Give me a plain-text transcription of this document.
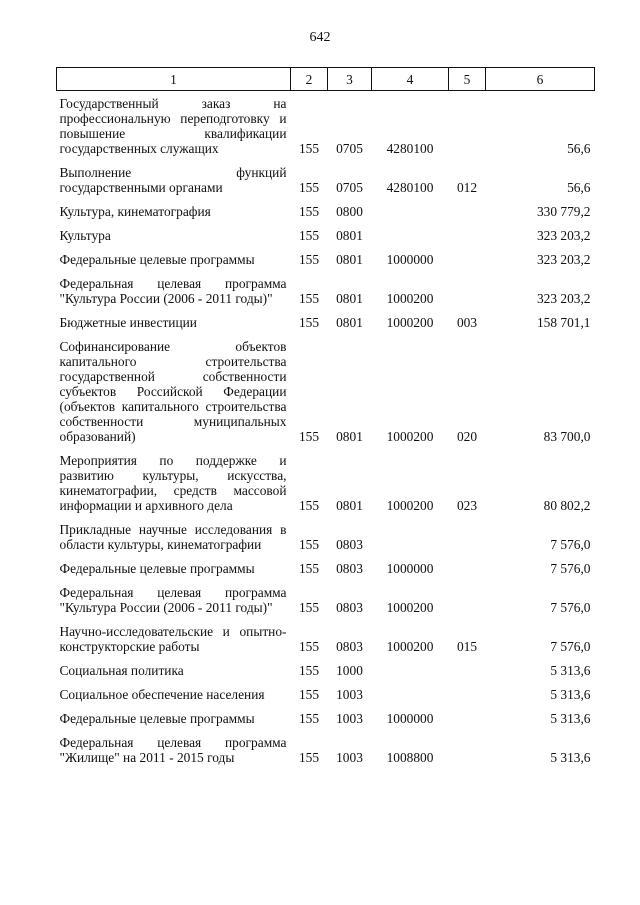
642
1	2	3	4	5	6
Государственный заказ на профессиональную переподготовку и повышение квалификации государственных служащих	155	0705	4280100		56,6
Выполнение функций государственными органами	155	0705	4280100	012	56,6
Культура, кинематография	155	0800			330 779,2
Культура	155	0801			323 203,2
Федеральные целевые программы	155	0801	1000000		323 203,2
Федеральная целевая программа "Культура России (2006 - 2011 годы)"	155	0801	1000200		323 203,2
Бюджетные инвестиции	155	0801	1000200	003	158 701,1
Софинансирование объектов капитального строительства государственной собственности субъектов Российской Федерации (объектов капитального строительства собственности муниципальных образований)	155	0801	1000200	020	83 700,0
Мероприятия по поддержке и развитию культуры, искусства, кинематографии, средств массовой информации и архивного дела	155	0801	1000200	023	80 802,2
Прикладные научные исследования в области культуры, кинематографии	155	0803			7 576,0
Федеральные целевые программы	155	0803	1000000		7 576,0
Федеральная целевая программа "Культура России (2006 - 2011 годы)"	155	0803	1000200		7 576,0
Научно-исследовательские и опытно-конструкторские работы	155	0803	1000200	015	7 576,0
Социальная политика	155	1000			5 313,6
Социальное обеспечение населения	155	1003			5 313,6
Федеральные целевые программы	155	1003	1000000		5 313,6
Федеральная целевая программа "Жилище" на 2011 - 2015 годы	155	1003	1008800		5 313,6
